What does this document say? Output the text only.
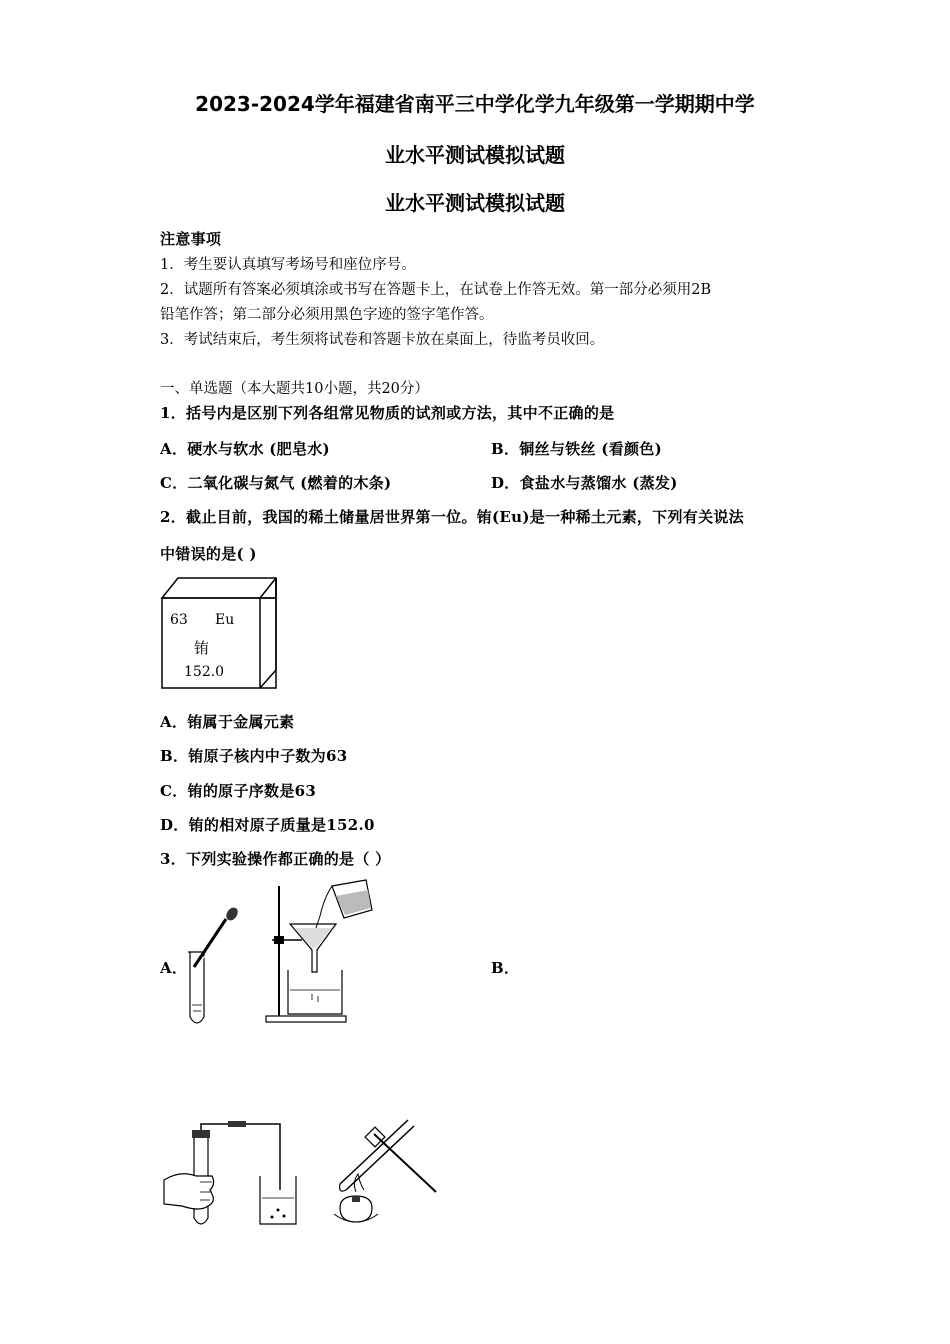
2023-2024学年福建省南平三中学化学九年级第一学期期中学
业水平测试模拟试题
业水平测试模拟试题
注意事项
1．考生要认真填写考场号和座位序号。
2．试题所有答案必须填涂或书写在答题卡上，在试卷上作答无效。第一部分必须用2B
铅笔作答；第二部分必须用黑色字迹的签字笔作答。
3．考试结束后，考生须将试卷和答题卡放在桌面上，待监考员收回。
一、单选题（本大题共10小题，共20分）
1．括号内是区别下列各组常见物质的试剂或方法，其中不正确的是
A．硬水与软水 (肥皂水)	B．铜丝与铁丝 (看颜色)
C．二氧化碳与氮气 (燃着的木条)	D．食盐水与蒸馏水 (蒸发)
2．截止目前，我国的稀土储量居世界第一位。铕(Eu)是一种稀土元素，下列有关说法
中错误的是( )
63 Eu
铕
152.0
A．铕属于金属元素
B．铕原子核内中子数为63
C．铕的原子序数是63
D．铕的相对原子质量是152.0
3．下列实验操作都正确的是（ ）
A．	B．
